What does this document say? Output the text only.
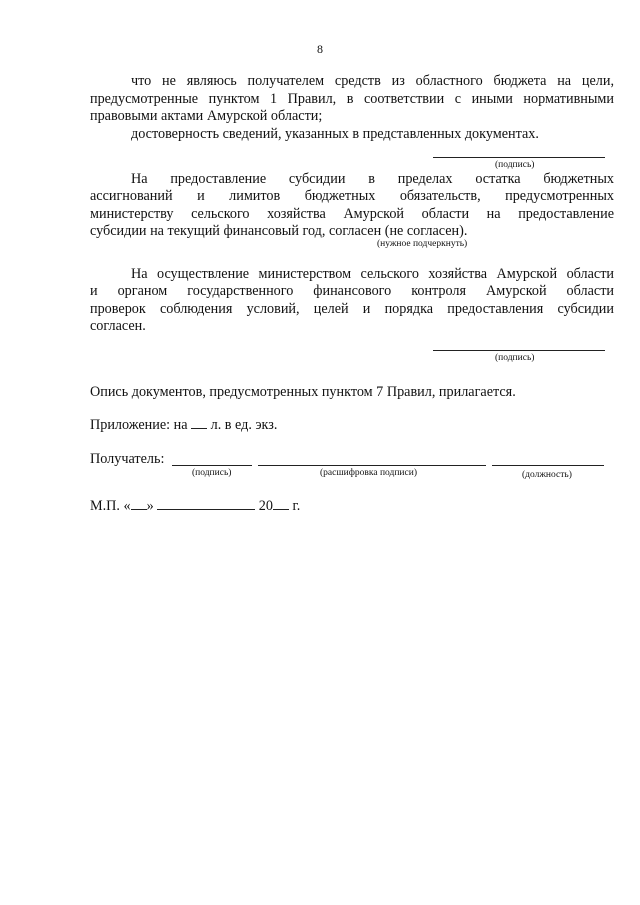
8
что не являюсь получателем средств из областного бюджета на цели,
предусмотренные пунктом 1 Правил, в соответствии с иными нормативными
правовыми актами Амурской области;
достоверность сведений, указанных в представленных документах.
(подпись)
На предоставление субсидии в пределах остатка бюджетных
ассигнований и лимитов бюджетных обязательств, предусмотренных
министерству сельского хозяйства Амурской области на предоставление
субсидии на текущий финансовый год, согласен (не согласен).
(нужное подчеркнуть)
На осуществление министерством сельского хозяйства Амурской области
и органом государственного финансового контроля Амурской области
проверок соблюдения условий, целей и порядка предоставления субсидии
согласен.
(подпись)
Опись документов, предусмотренных пунктом 7 Правил, прилагается.
Приложение: на л. в ед. экз.
Получатель:
(подпись)	(расшифровка подписи)	(должность)
М.П. « »	20 г.
